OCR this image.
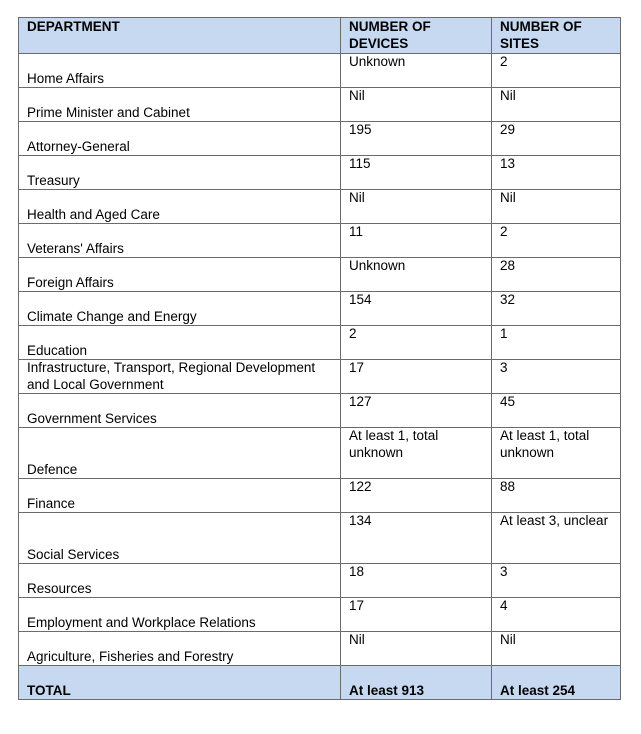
DEPARTMENT	NUMBER OF DEVICES	NUMBER OF SITES
Home Affairs	Unknown	2
Prime Minister and Cabinet	Nil	Nil
Attorney-General	195	29
Treasury	115	13
Health and Aged Care	Nil	Nil
Veterans' Affairs	11	2
Foreign Affairs	Unknown	28
Climate Change and Energy	154	32
Education	2	1
Infrastructure, Transport, Regional Development and Local Government	17	3
Government Services	127	45
Defence	At least 1, total unknown	At least 1, total unknown
Finance	122	88
Social Services	134	At least 3, unclear
Resources	18	3
Employment and Workplace Relations	17	4
Agriculture, Fisheries and Forestry	Nil	Nil
TOTAL	At least 913	At least 254
